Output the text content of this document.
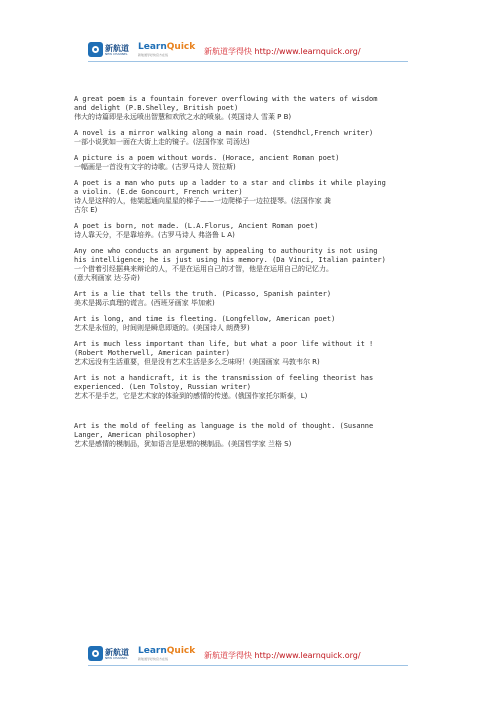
新航道
NEW CHANNEL
LearnQuick
新航道学好快官方在线	新航道学得快 http://www.learnquick.org/
A great poem is a fountain forever overflowing with the waters of wisdom
and delight (P.B.Shelley, British poet)
伟大的诗篇即是永远喷出智慧和欢欣之水的喷泉。(英国诗人 雪莱 P B)
A novel is a mirror walking along a main road. (Stendhcl,French writer)
一部小说犹如一面在大街上走的镜子。(法国作家 司汤达)
A picture is a poem without words. (Horace, ancient Roman poet)
一幅画是一首没有文字的诗歌。(古罗马诗人 贺拉斯)
A poet is a man who puts up a ladder to a star and climbs it while playing
a violin. (E.de Goncourt, French writer)
诗人是这样的人，他架起通向星星的梯子——一边爬梯子一边拉提琴。(法国作家 龚
古尔 E)
A poet is born, not made. (L.A.Florus, Ancient Roman poet)
诗人靠天分，不是靠培养。(古罗马诗人 弗洛鲁 L A)
Any one who conducts an argument by appealing to authourity is not using
his intelligence; he is just using his memory. (Da Vinci, Italian painter)
一个借着引经据典来辩论的人，不是在运用自己的才智，他是在运用自己的记忆力。
(意大利画家 达·芬奇)
Art is a lie that tells the truth. (Picasso, Spanish painter)
美术是揭示真理的谎言。(西班牙画家 毕加索)
Art is long, and time is fleeting. (Longfellow, American poet)
艺术是永恒的，时间则是瞬息即逝的。(美国诗人 朗费罗)
Art is much less important than life, but what a poor life without it !
(Robert Motherwell, American painter)
艺术远没有生活重要，但是没有艺术生活是多么乏味呀！(美国画家 马敦韦尔 R)
Art is not a handicraft, it is the transmission of feeling theorist has
experienced. (Len Tolstoy, Russian writer)
艺术不是手艺，它是艺术家的体验到的感情的传递。(俄国作家托尔斯泰，L)
Art is the mold of feeling as language is the mold of thought. (Susanne
Langer, American philosopher)
艺术是感情的模制品，犹如语言是思想的模制品。(美国哲学家 兰格 S)
新航道
NEW CHANNEL
LearnQuick
新航道学好快官方在线	新航道学得快 http://www.learnquick.org/
